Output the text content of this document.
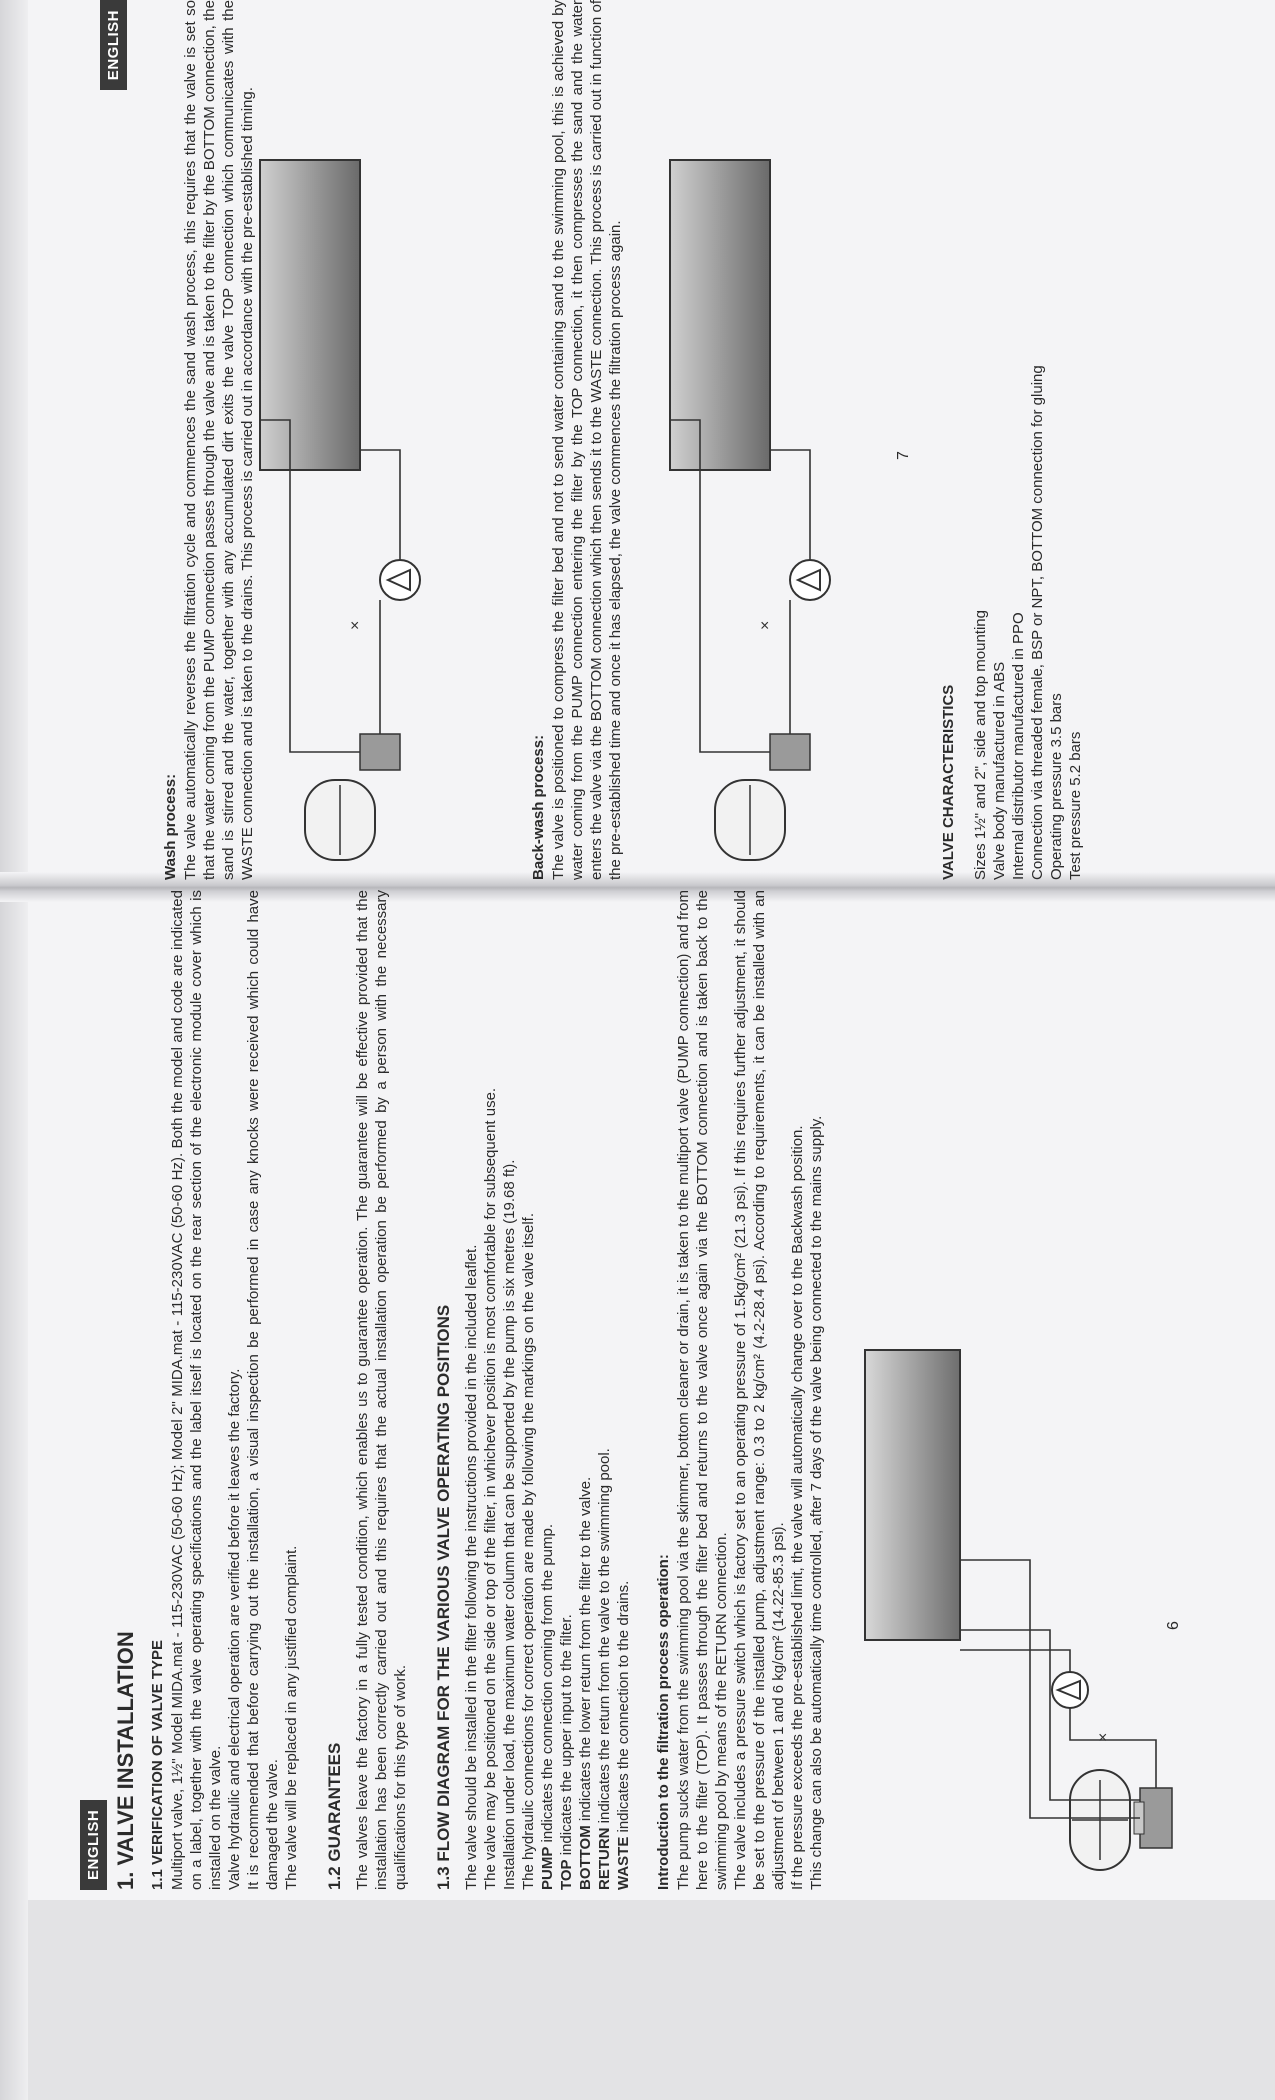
ENGLISH 1. VALVE INSTALLATION 1.1 VERIFICATION OF VALVE TYPE Multiport valve, 1½" Model MIDA.mat - 115-230VAC (50-60 Hz); Model 2" MIDA.mat - 115-230VAC (50-60 Hz). Both the model and code are indicated on a label, together with the valve operating specifications and the label itself is located on the rear section of the electronic module cover which is installed on the valve. Valve hydraulic and electrical operation are verified before it leaves the factory. It is recommended that before carrying out the installation, a visual inspection be performed in case any knocks were received which could have damaged the valve. The valve will be replaced in any justified complaint. 1.2 GUARANTEES The valves leave the factory in a fully tested condition, which enables us to guarantee operation. The guarantee will be effective provided that the installation has been correctly carried out and this requires that the actual installation operation be performed by a person with the necessary qualifications for this type of work. 1.3 FLOW DIAGRAM FOR THE VARIOUS VALVE OPERATING POSITIONS The valve should be installed in the filter following the instructions provided in the included leaflet. The valve may be positioned on the side or top of the filter, in whichever position is most comfortable for subsequent use. Installation under load, the maximum water column that can be supported by the pump is six metres (19.68 ft). The hydraulic connections for correct operation are made by following the markings on the valve itself. PUMP indicates the connection coming from the pump.
TOP indicates the upper input to the filter. BOTTOM indicates the lower return from the filter to the valve.
RETURN indicates the return from the valve to the swimming pool.
WASTE indicates the connection to the drains. Introduction to the filtration process operation: The pump sucks water from the swimming pool via the skimmer, bottom cleaner or drain, it is taken to the multiport valve (PUMP connection) and from here to the filter (TOP). It passes through the filter bed and returns to the valve once again via the BOTTOM connection and is taken back to the swimming pool by means of the RETURN connection. The valve includes a pressure switch which is factory set to an operating pressure of 1.5kg/cm² (21.3 psi). If this requires further adjustment, it should be set to the pressure of the installed pump, adjustment range: 0.3 to 2 kg/cm² (4.2-28.4 psi). According to requirements, it can be installed with an adjustment of between 1 and 6 kg/cm² (14.22-85.3 psi). If the pressure exceeds the pre-established limit, the valve will automatically change over to the Backwash position. This change can also be automatically time controlled, after 7 days of the valve being connected to the mains supply.	×
6
ENGLISH
Wash process: The valve automatically reverses the filtration cycle and commences the sand wash process, this requires that the valve is set so that the water coming from the PUMP connection passes through the valve and is taken to the filter by the BOTTOM connection, the sand is stirred and the water, together with any accumulated dirt exits the valve TOP connection which communicates with the WASTE connection and is taken to the drains. This process is carried out in accordance with the pre-established timing.	×
Back-wash process: The valve is positioned to compress the filter bed and not to send water containing sand to the swimming pool, this is achieved by water coming from the PUMP connection entering the filter by the TOP connection, it then compresses the sand and the water enters the valve via the BOTTOM connection which then sends it to the WASTE connection. This process is carried out in function of the pre-established time and once it has elapsed, the valve commences the filtration process again.	×
VALVE CHARACTERISTICS Sizes 1½" and 2", side and top mounting Valve body manufactured in ABS Internal distributor manufactured in PPO Connection via threaded female, BSP or NPT, BOTTOM connection for gluing Operating pressure 3.5 bars Test pressure 5.2 bars
7
